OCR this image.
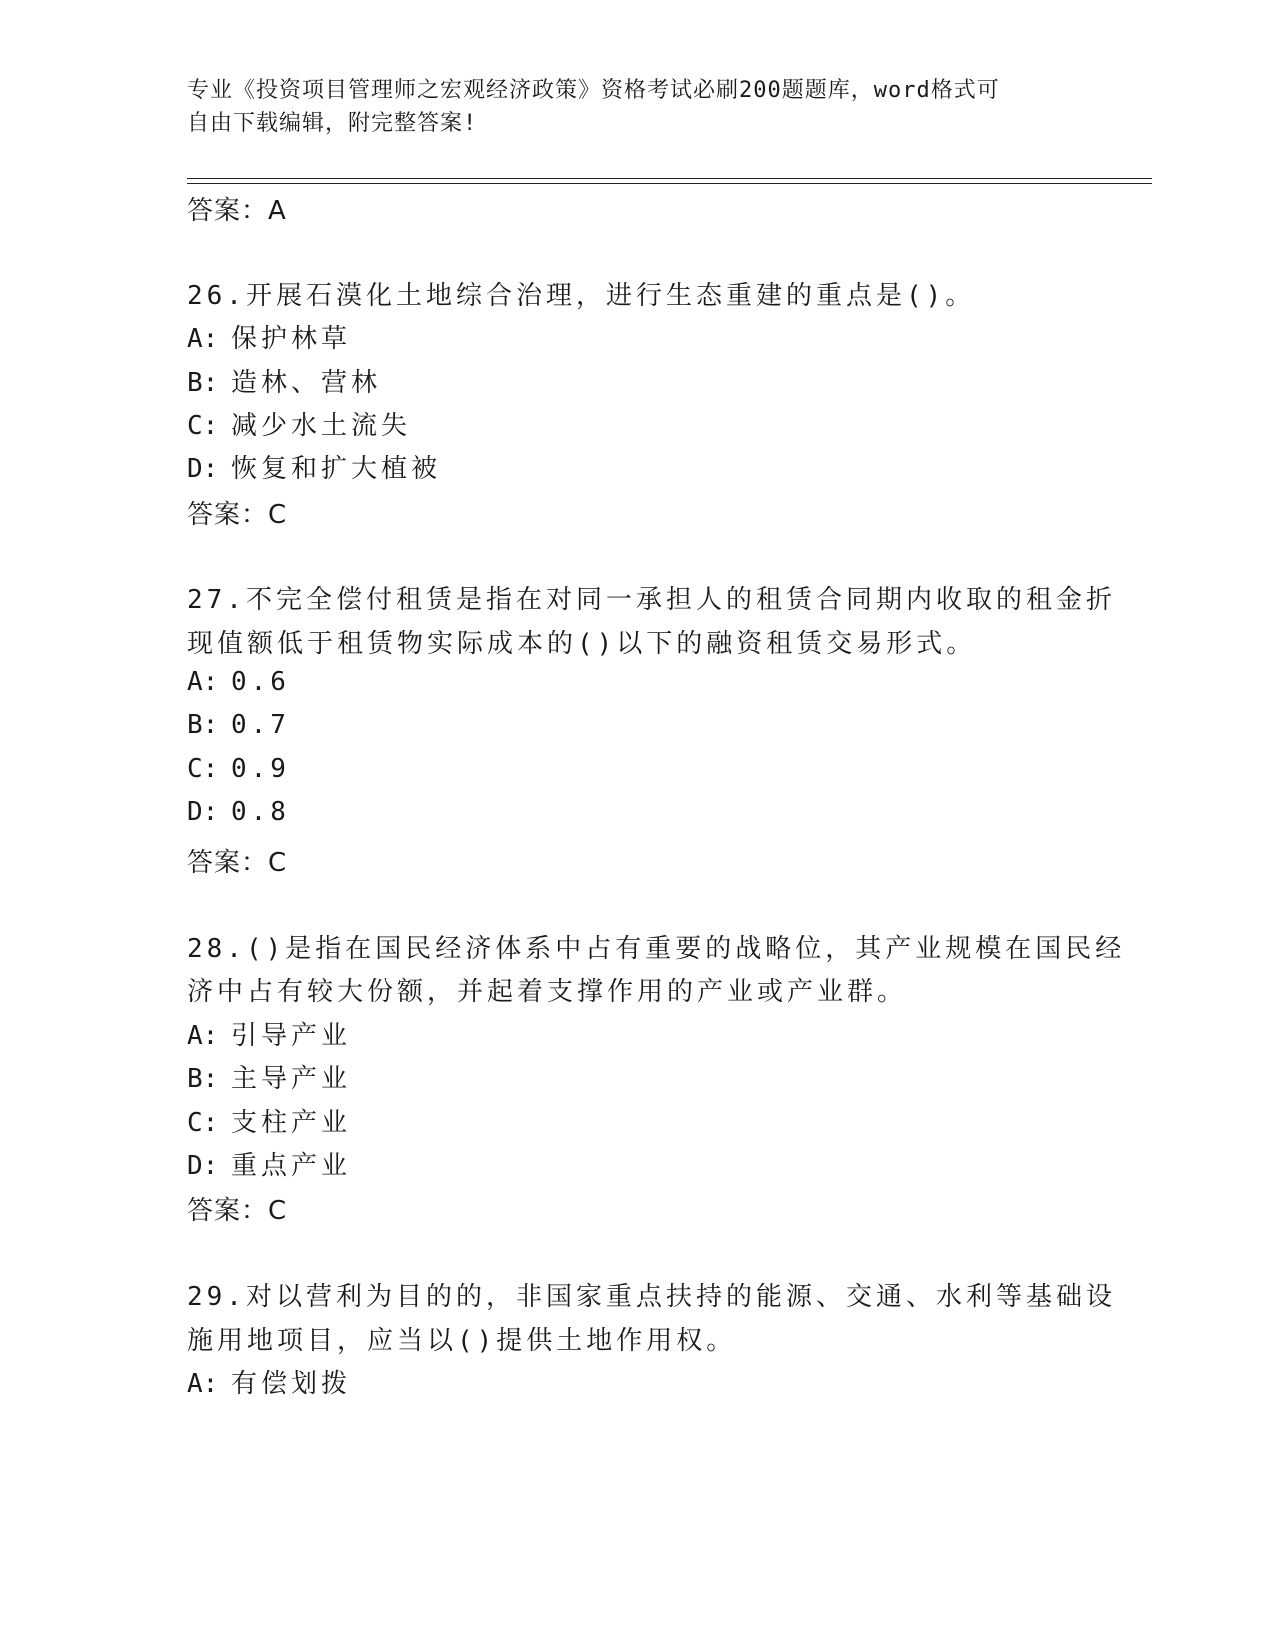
专业《投资项目管理师之宏观经济政策》资格考试必刷200题题库，word格式可
自由下载编辑，附完整答案!
答案：A
26.开展石漠化土地综合治理，进行生态重建的重点是()。
A: 保护林草
B: 造林、营林
C: 减少水土流失
D: 恢复和扩大植被
答案：C
27.不完全偿付租赁是指在对同一承担人的租赁合同期内收取的租金折
现值额低于租赁物实际成本的()以下的融资租赁交易形式。
A: 0.6
B: 0.7
C: 0.9
D: 0.8
答案：C
28.()是指在国民经济体系中占有重要的战略位，其产业规模在国民经
济中占有较大份额，并起着支撑作用的产业或产业群。
A: 引导产业
B: 主导产业
C: 支柱产业
D: 重点产业
答案：C
29.对以营利为目的的，非国家重点扶持的能源、交通、水利等基础设
施用地项目，应当以()提供土地作用权。
A: 有偿划拨
